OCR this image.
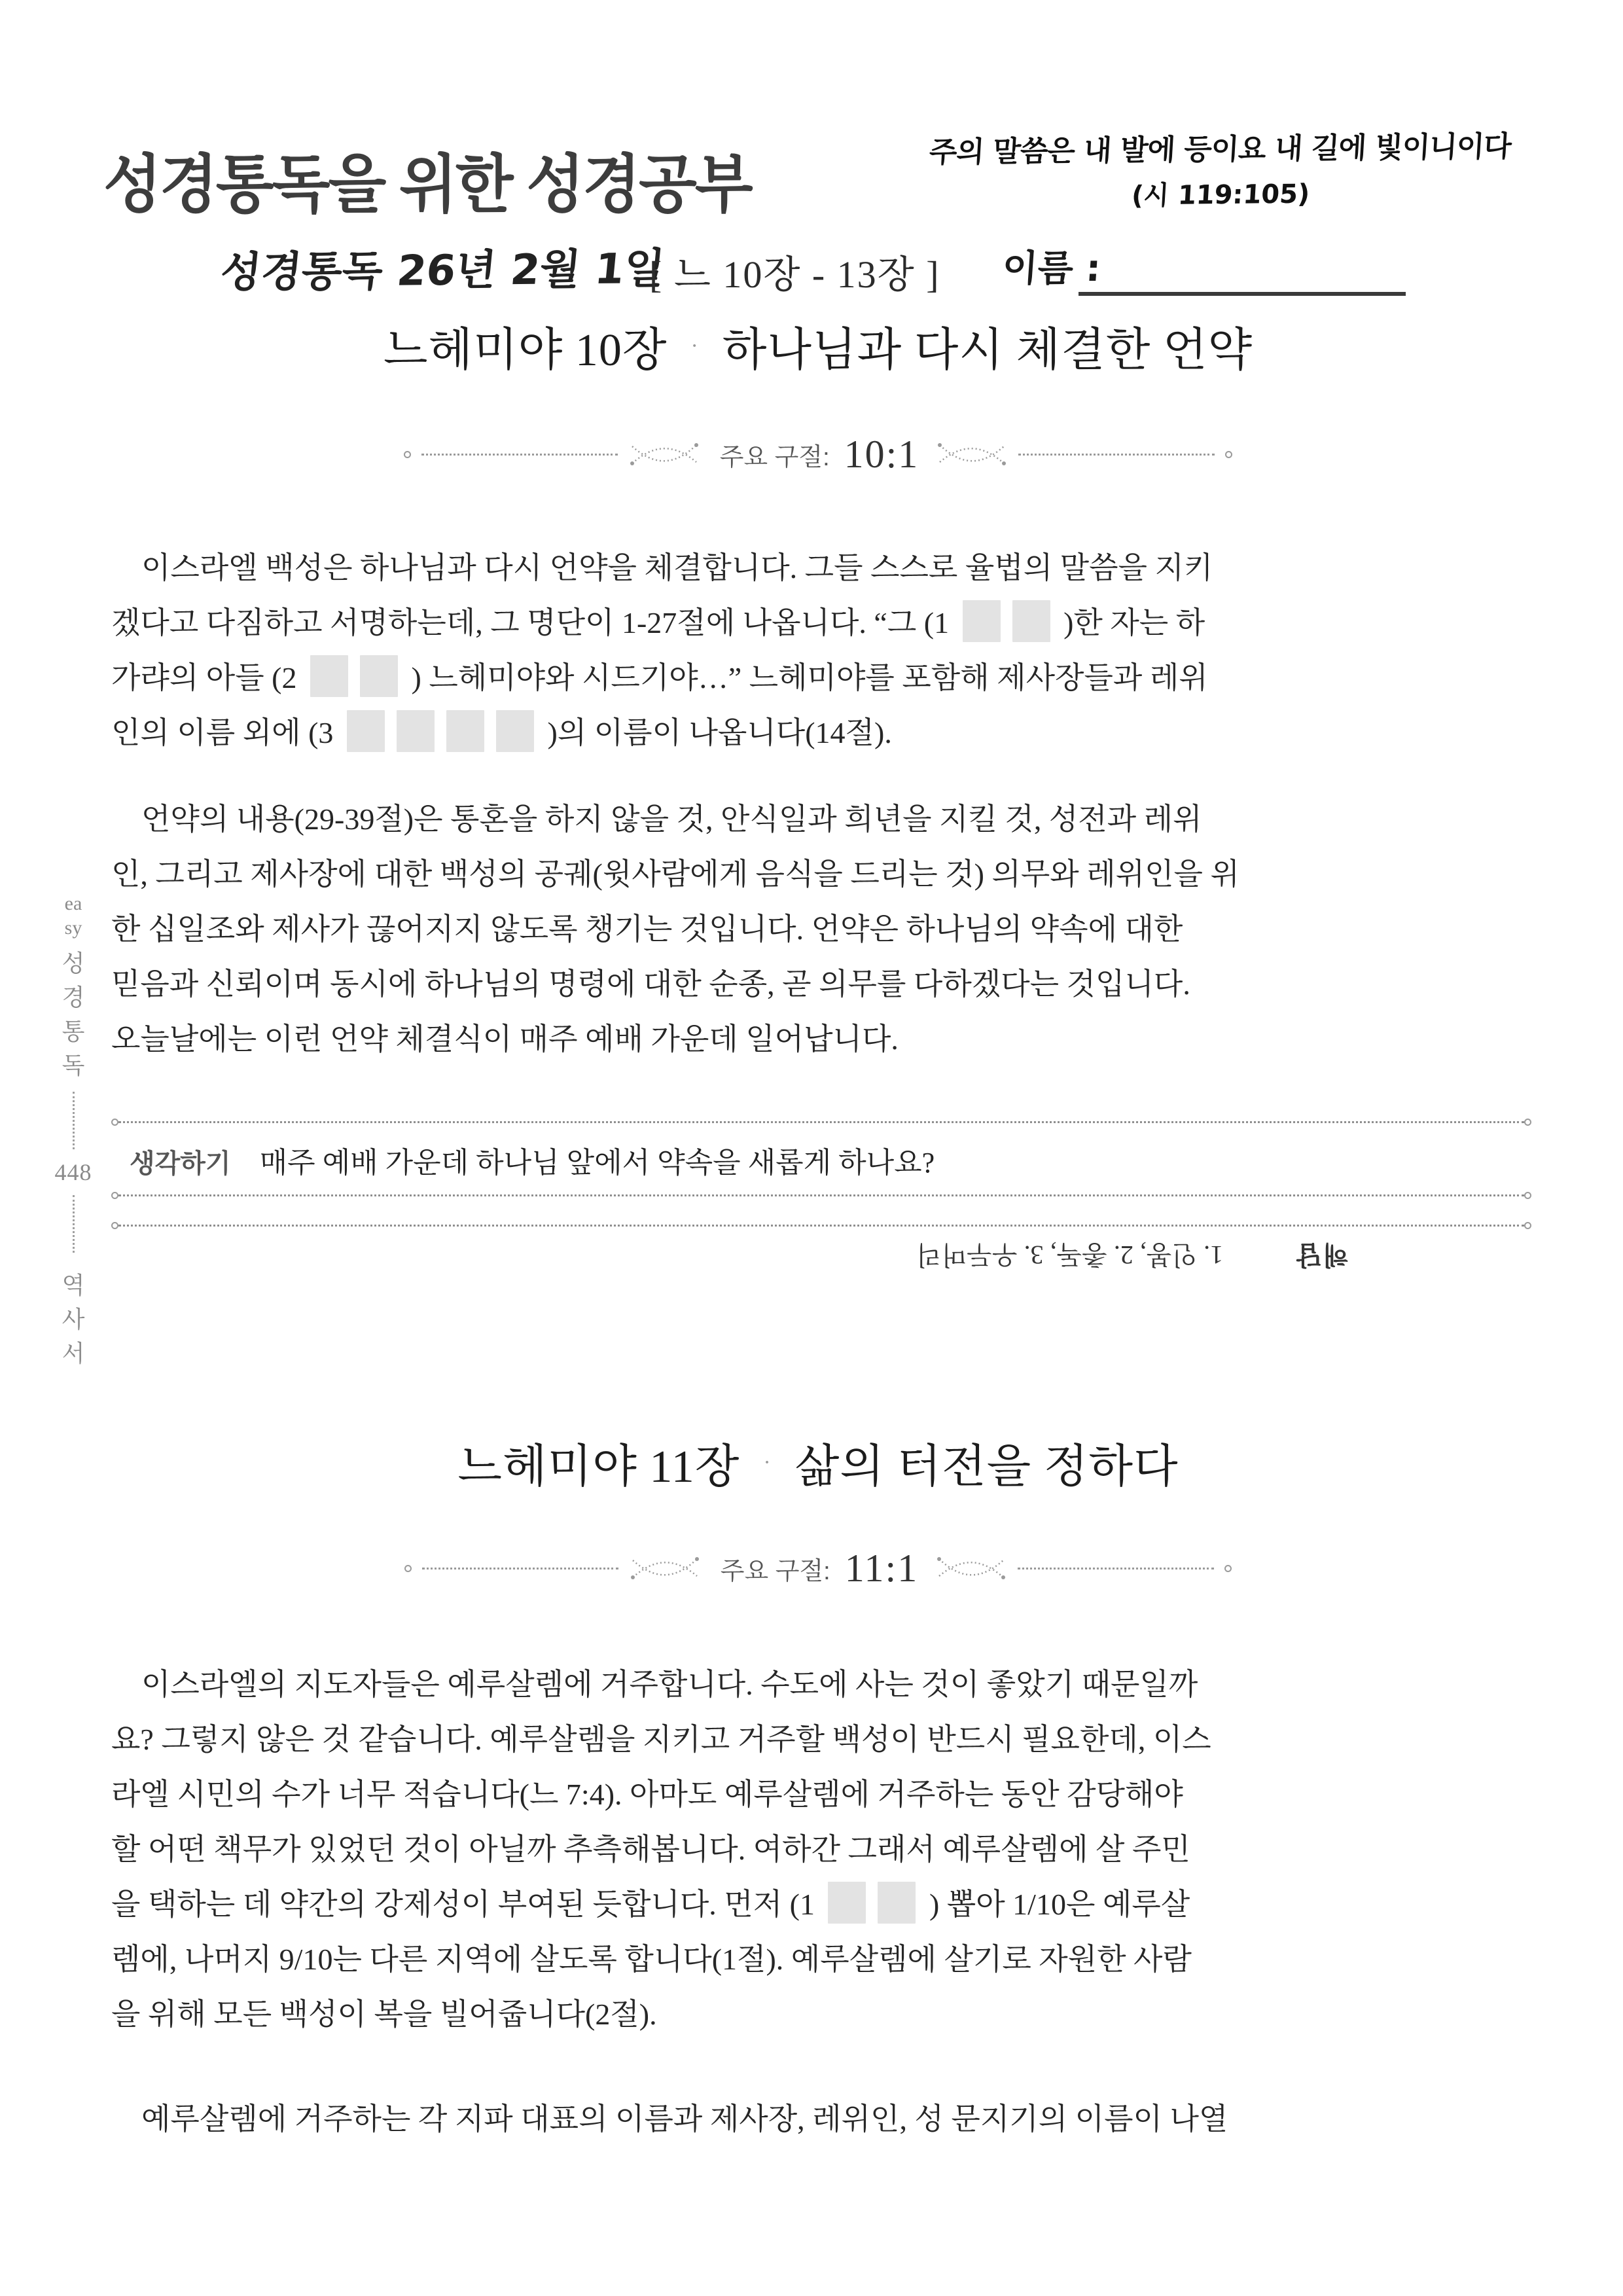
성경통독을 위한 성경공부
주의 말씀은 내 발에 등이요 내 길에 빛이니이다
(시 119:105)
성경통독 26년 2월 1일
[ 느 10장 - 13장 ] 이름 :
느헤미야 10장 · 하나님과 다시 체결한 언약
주요 구절: 10:1
이스라엘 백성은 하나님과 다시 언약을 체결합니다. 그들 스스로 율법의 말씀을 지키
겠다고 다짐하고 서명하는데, 그 명단이 1-27절에 나옵니다. “그 (1	)한 자는 하
가랴의 아들 (2	) 느헤미야와 시드기야…” 느헤미야를 포함해 제사장들과 레위
인의 이름 외에 (3	)의 이름이 나옵니다(14절).
언약의 내용(29-39절)은 통혼을 하지 않을 것, 안식일과 희년을 지킬 것, 성전과 레위
인, 그리고 제사장에 대한 백성의 공궤(윗사람에게 음식을 드리는 것) 의무와 레위인을 위
한 십일조와 제사가 끊어지지 않도록 챙기는 것입니다. 언약은 하나님의 약속에 대한
믿음과 신뢰이며 동시에 하나님의 명령에 대한 순종, 곧 의무를 다하겠다는 것입니다.
오늘날에는 이런 언약 체결식이 매주 예배 가운데 일어납니다.
생각하기 매주 예배 가운데 하나님 앞에서 약속을 새롭게 하나요?
해답1. 인봉, 2. 총독, 3. 우두머리
느헤미야 11장 · 삶의 터전을 정하다
주요 구절: 11:1
이스라엘의 지도자들은 예루살렘에 거주합니다. 수도에 사는 것이 좋았기 때문일까
요? 그렇지 않은 것 같습니다. 예루살렘을 지키고 거주할 백성이 반드시 필요한데, 이스
라엘 시민의 수가 너무 적습니다(느 7:4). 아마도 예루살렘에 거주하는 동안 감당해야
할 어떤 책무가 있었던 것이 아닐까 추측해봅니다. 여하간 그래서 예루살렘에 살 주민
을 택하는 데 약간의 강제성이 부여된 듯합니다. 먼저 (1	) 뽑아 1/10은 예루살
렘에, 나머지 9/10는 다른 지역에 살도록 합니다(1절). 예루살렘에 살기로 자원한 사람
을 위해 모든 백성이 복을 빌어줍니다(2절).
예루살렘에 거주하는 각 지파 대표의 이름과 제사장, 레위인, 성 문지기의 이름이 나열
easy
성경통독
448
역사서
